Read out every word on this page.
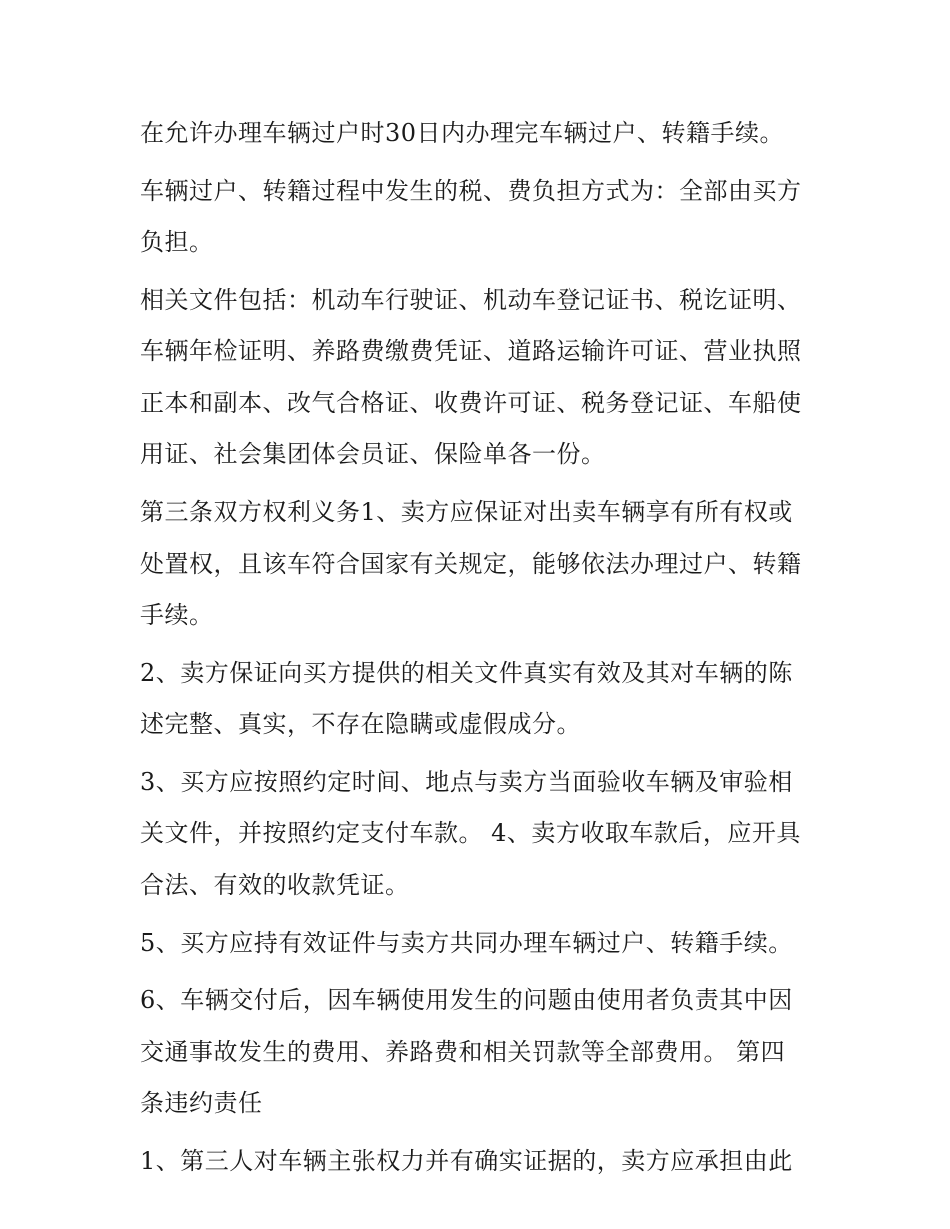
在允许办理车辆过户时30日内办理完车辆过户、转籍手续。

车辆过户、转籍过程中发生的税、费负担方式为：全部由买方
负担。

相关文件包括：机动车行驶证、机动车登记证书、税讫证明、
车辆年检证明、养路费缴费凭证、道路运输许可证、营业执照
正本和副本、改气合格证、收费许可证、税务登记证、车船使
用证、社会集团体会员证、保险单各一份。

第三条双方权利义务1、卖方应保证对出卖车辆享有所有权或
处置权，且该车符合国家有关规定，能够依法办理过户、转籍
手续。

2、卖方保证向买方提供的相关文件真实有效及其对车辆的陈
述完整、真实，不存在隐瞒或虚假成分。

3、买方应按照约定时间、地点与卖方当面验收车辆及审验相
关文件，并按照约定支付车款。 4、卖方收取车款后，应开具
合法、有效的收款凭证。

5、买方应持有效证件与卖方共同办理车辆过户、转籍手续。

6、车辆交付后，因车辆使用发生的问题由使用者负责其中因
交通事故发生的费用、养路费和相关罚款等全部费用。 第四
条违约责任

1、第三人对车辆主张权力并有确实证据的，卖方应承担由此
